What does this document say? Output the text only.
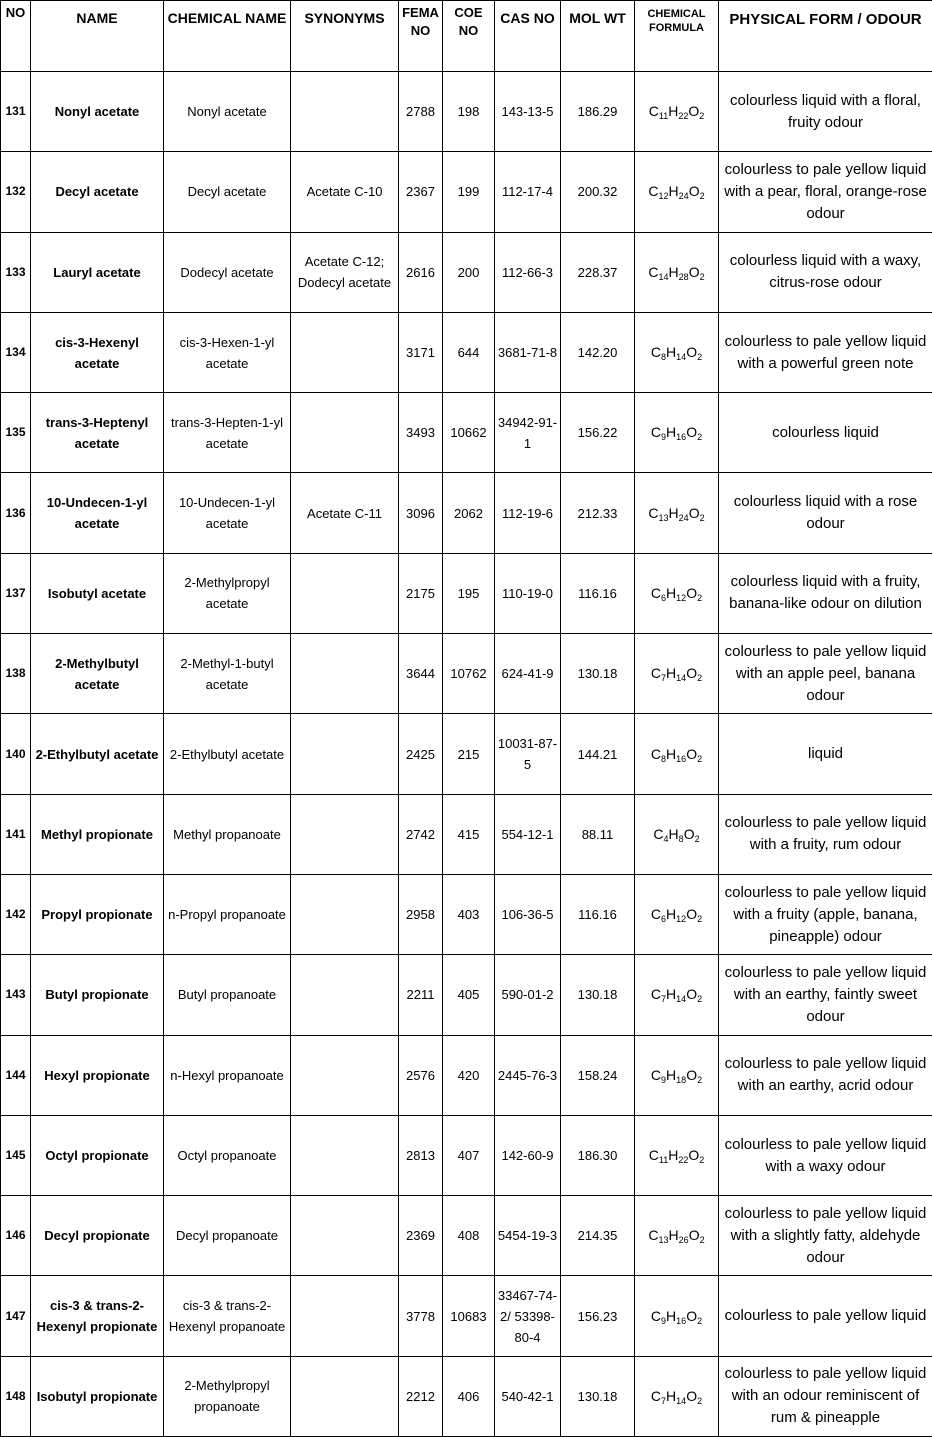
NO	NAME	CHEMICAL NAME	SYNONYMS	FEMA NO	COE NO	CAS NO	MOL WT	CHEMICAL FORMULA	PHYSICAL FORM / ODOUR
131	Nonyl acetate	Nonyl acetate		2788	198	143-13-5	186.29	$C_{11}H_{22}O_2$	colourless liquid with a floral, fruity odour
132	Decyl acetate	Decyl acetate	Acetate C-10	2367	199	112-17-4	200.32	$C_{12}H_{24}O_2$	colourless to pale yellow liquid with a pear, floral, orange-rose odour
133	Lauryl acetate	Dodecyl acetate	Acetate C-12; Dodecyl acetate	2616	200	112-66-3	228.37	$C_{14}H_{28}O_2$	colourless liquid with a waxy, citrus-rose odour
134	cis-3-Hexenyl acetate	cis-3-Hexen-1-yl acetate		3171	644	3681-71-8	142.20	$C_8H_{14}O_2$	colourless to pale yellow liquid with a powerful green note
135	trans-3-Heptenyl acetate	trans-3-Hepten-1-yl acetate		3493	10662	34942-91-1	156.22	$C_9H_{16}O_2$	colourless liquid
136	10-Undecen-1-yl acetate	10-Undecen-1-yl acetate	Acetate C-11	3096	2062	112-19-6	212.33	$C_{13}H_{24}O_2$	colourless liquid with a rose odour
137	Isobutyl acetate	2-Methylpropyl acetate		2175	195	110-19-0	116.16	$C_6H_{12}O_2$	colourless liquid with a fruity, banana-like odour on dilution
138	2-Methylbutyl acetate	2-Methyl-1-butyl acetate		3644	10762	624-41-9	130.18	$C_7H_{14}O_2$	colourless to pale yellow liquid with an apple peel, banana odour
140	2-Ethylbutyl acetate	2-Ethylbutyl acetate		2425	215	10031-87-5	144.21	$C_8H_{16}O_2$	liquid
141	Methyl propionate	Methyl propanoate		2742	415	554-12-1	88.11	$C_4H_8O_2$	colourless to pale yellow liquid with a fruity, rum odour
142	Propyl propionate	n-Propyl propanoate		2958	403	106-36-5	116.16	$C_6H_{12}O_2$	colourless to pale yellow liquid with a fruity (apple, banana, pineapple) odour
143	Butyl propionate	Butyl propanoate		2211	405	590-01-2	130.18	$C_7H_{14}O_2$	colourless to pale yellow liquid with an earthy, faintly sweet odour
144	Hexyl propionate	n-Hexyl propanoate		2576	420	2445-76-3	158.24	$C_9H_{18}O_2$	colourless to pale yellow liquid with an earthy, acrid odour
145	Octyl propionate	Octyl propanoate		2813	407	142-60-9	186.30	$C_{11}H_{22}O_2$	colourless to pale yellow liquid with a waxy odour
146	Decyl propionate	Decyl propanoate		2369	408	5454-19-3	214.35	$C_{13}H_{26}O_2$	colourless to pale yellow liquid with a slightly fatty, aldehyde odour
147	cis-3 & trans-2-Hexenyl propionate	cis-3 & trans-2-Hexenyl propanoate		3778	10683	33467-74-2/ 53398-80-4	156.23	$C_9H_{16}O_2$	colourless to pale yellow liquid
148	Isobutyl propionate	2-Methylpropyl propanoate		2212	406	540-42-1	130.18	$C_7H_{14}O_2$	colourless to pale yellow liquid with an odour reminiscent of rum & pineapple
